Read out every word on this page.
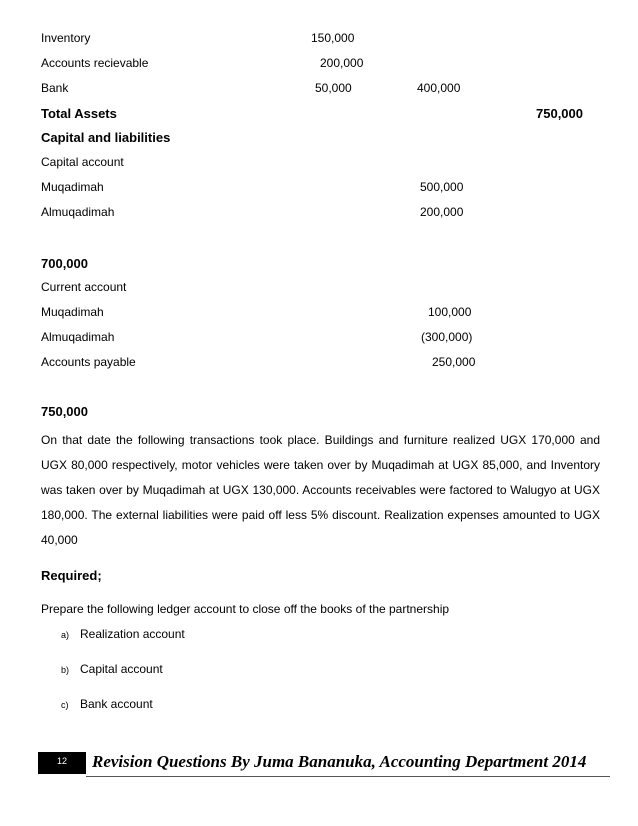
Inventory	150,000
Accounts recievable	200,000
Bank	50,000	400,000
Total Assets	750,000
Capital and liabilities
Capital account
Muqadimah	500,000
Almuqadimah	200,000
700,000
Current account
Muqadimah	100,000
Almuqadimah	(300,000)
Accounts payable	250,000
750,000
On that date the following transactions took place. Buildings and furniture realized UGX 170,000 and UGX 80,000 respectively, motor vehicles were taken over by Muqadimah at UGX 85,000, and Inventory was taken over by Muqadimah at UGX 130,000. Accounts receivables were factored to Walugyo at UGX 180,000. The external liabilities were paid off less 5% discount. Realization expenses amounted to UGX 40,000
Required;
Prepare the following ledger account to close off the books of the partnership
a) Realization account
b) Capital account
c) Bank account
12	Revision Questions By Juma Bananuka, Accounting Department 2014
